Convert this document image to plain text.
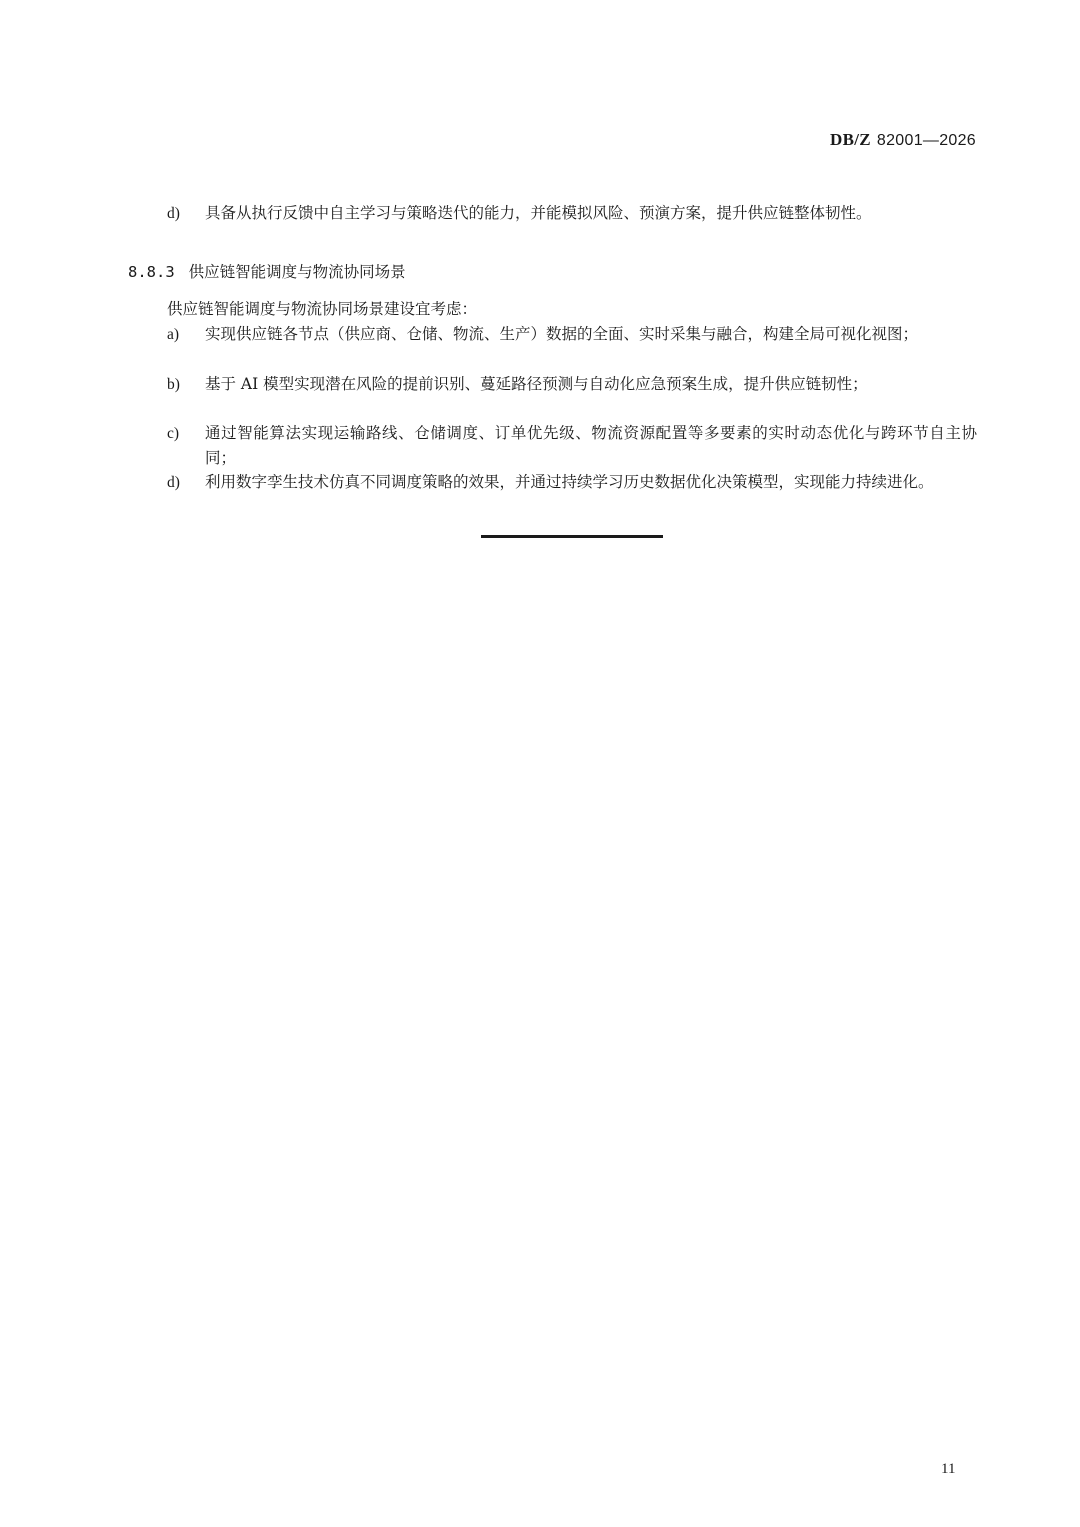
DB/Z 82001—2026
d)	具备从执行反馈中自主学习与策略迭代的能力，并能模拟风险、预演方案，提升供应链整体韧性。
8.8.3 供应链智能调度与物流协同场景
供应链智能调度与物流协同场景建设宜考虑：
a)	实现供应链各节点（供应商、仓储、物流、生产）数据的全面、实时采集与融合，构建全局可视化视图；
b)	基于 AI 模型实现潜在风险的提前识别、蔓延路径预测与自动化应急预案生成，提升供应链韧性；
c)	通过智能算法实现运输路线、仓储调度、订单优先级、物流资源配置等多要素的实时动态优化与跨环节自主协同；
d)	利用数字孪生技术仿真不同调度策略的效果，并通过持续学习历史数据优化决策模型，实现能力持续进化。
11
